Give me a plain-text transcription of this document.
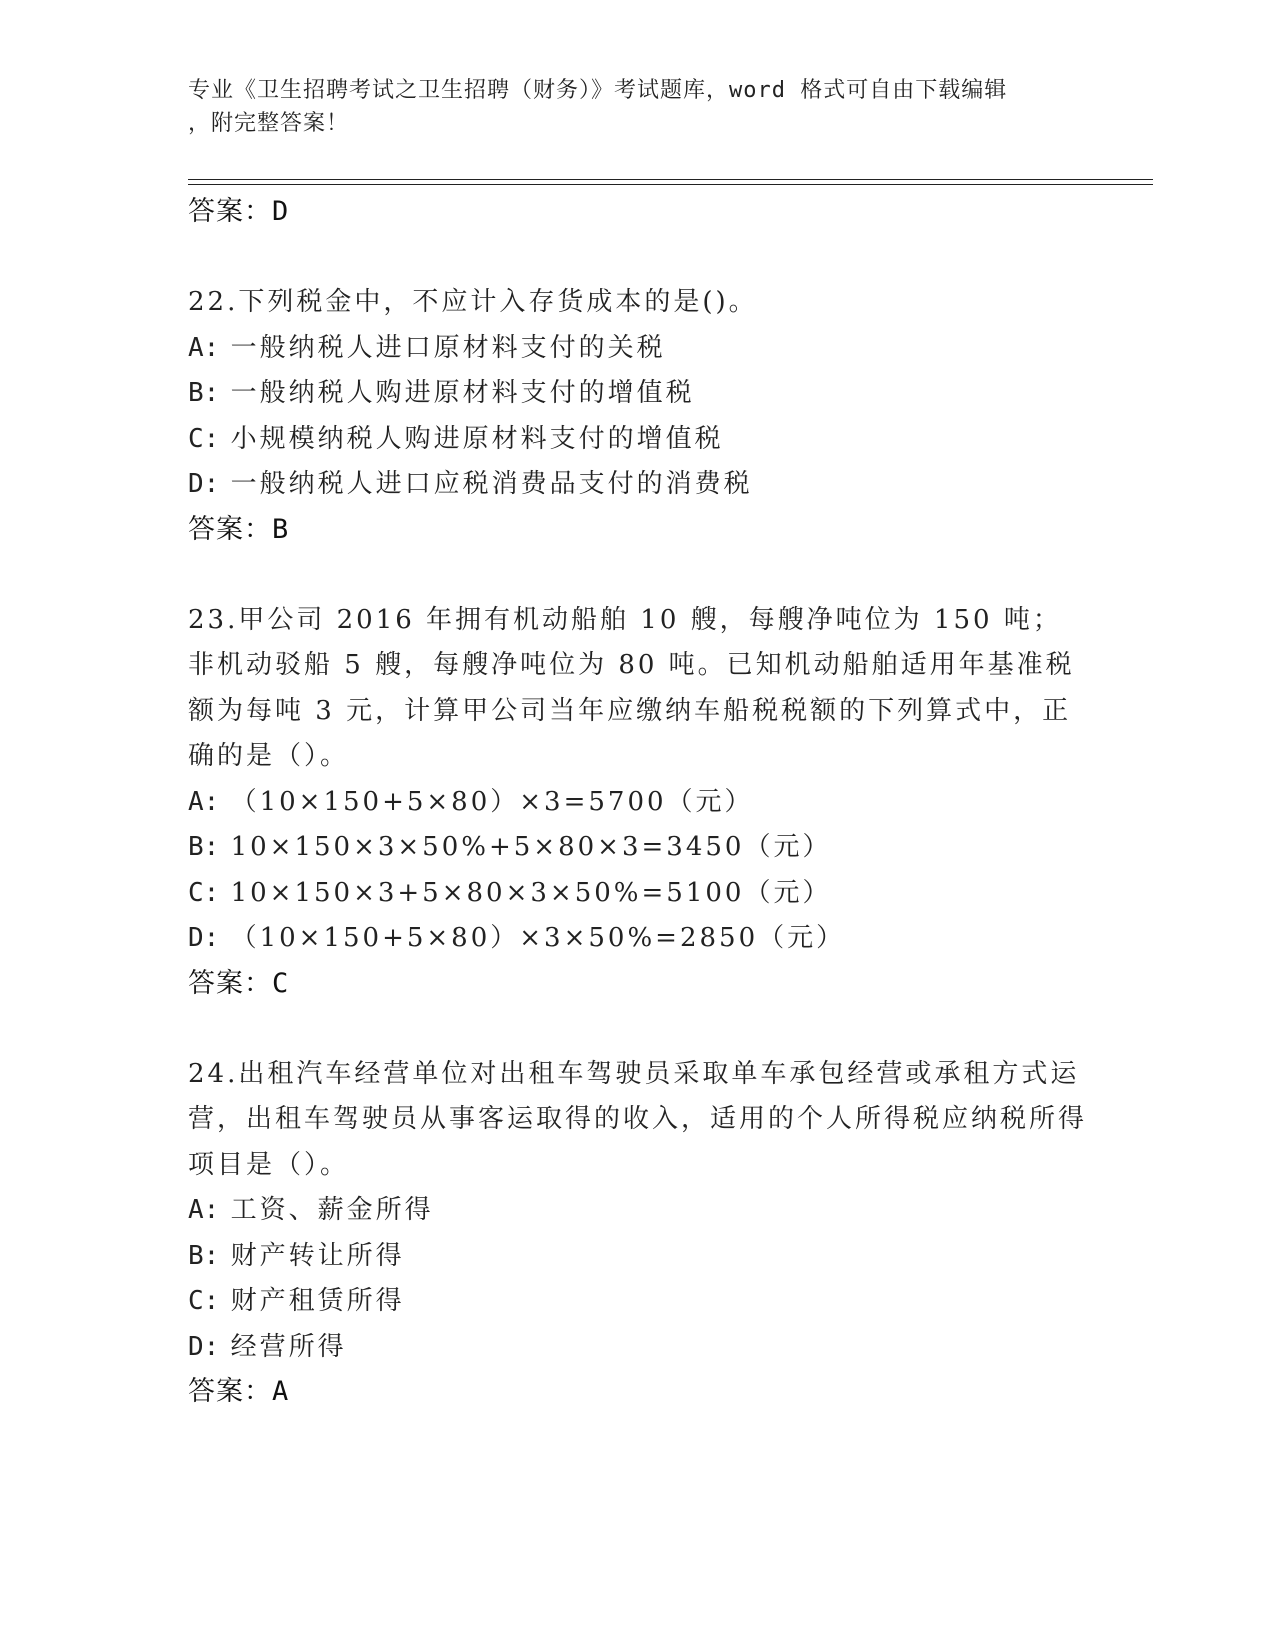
专业《卫生招聘考试之卫生招聘（财务）》考试题库，word 格式可自由下载编辑
，附完整答案！
答案：D
22.下列税金中，不应计入存货成本的是()。
A: 一般纳税人进口原材料支付的关税
B: 一般纳税人购进原材料支付的增值税
C: 小规模纳税人购进原材料支付的增值税
D: 一般纳税人进口应税消费品支付的消费税
答案：B
23.甲公司 2016 年拥有机动船舶 10 艘，每艘净吨位为 150 吨；非机动驳船 5 艘，每艘净吨位为 80 吨。已知机动船舶适用年基准税额为每吨 3 元，计算甲公司当年应缴纳车船税税额的下列算式中，正确的是（）。
A: （10×150+5×80）×3=5700（元）
B: 10×150×3×50%+5×80×3=3450（元）
C: 10×150×3+5×80×3×50%=5100（元）
D: （10×150+5×80）×3×50%=2850（元）
答案：C
24.出租汽车经营单位对出租车驾驶员采取单车承包经营或承租方式运营，出租车驾驶员从事客运取得的收入，适用的个人所得税应纳税所得项目是（）。
A: 工资、薪金所得
B: 财产转让所得
C: 财产租赁所得
D: 经营所得
答案：A
